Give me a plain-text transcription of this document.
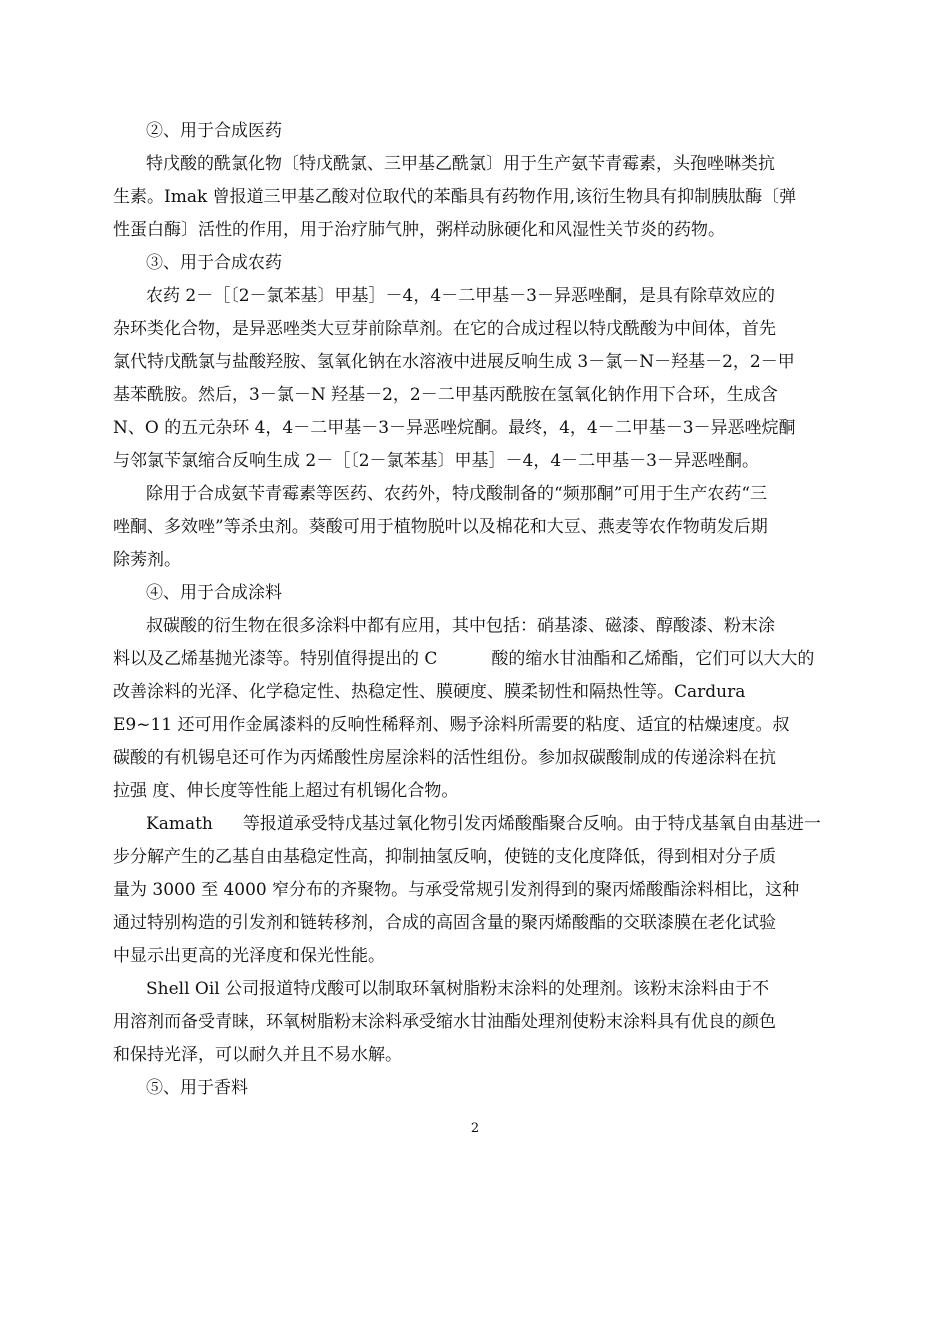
②、用于合成医药

特戊酸的酰氯化物〔特戊酰氯、三甲基乙酰氯〕用于生产氨苄青霉素，头孢唑啉类抗
生素。Imak 曾报道三甲基乙酸对位取代的苯酯具有药物作用,该衍生物具有抑制胰肽酶〔弹
性蛋白酶〕活性的作用，用于治疗肺气肿，粥样动脉硬化和风湿性关节炎的药物。

③、用于合成农药

农药 2－［〔2－氯苯基〕甲基］－4，4－二甲基－3－异恶唑酮，是具有除草效应的
杂环类化合物，是异恶唑类大豆芽前除草剂。在它的合成过程以特戊酰酸为中间体，首先
氯代特戊酰氯与盐酸羟胺、氢氧化钠在水溶液中进展反响生成 3－氯－N－羟基－2，2－甲
基苯酰胺。然后，3－氯－N 羟基－2，2－二甲基丙酰胺在氢氧化钠作用下合环，生成含
N、O 的五元杂环 4，4－二甲基－3－异恶唑烷酮。最终，4，4－二甲基－3－异恶唑烷酮
与邻氯苄氯缩合反响生成 2－［〔2－氯苯基〕甲基］－4，4－二甲基－3－异恶唑酮。

除用于合成氨苄青霉素等医药、农药外，特戊酸制备的“频那酮”可用于生产农药“三
唑酮、多效唑”等杀虫剂。葵酸可用于植物脱叶以及棉花和大豆、燕麦等农作物萌发后期
除莠剂。

④、用于合成涂料

叔碳酸的衍生物在很多涂料中都有应用，其中包括：硝基漆、磁漆、醇酸漆、粉末涂
料以及乙烯基抛光漆等。特别值得提出的 C	酸的缩水甘油酯和乙烯酯，它们可以大大的
改善涂料的光泽、化学稳定性、热稳定性、膜硬度、膜柔韧性和隔热性等。Cardura
E9~11 还可用作金属漆料的反响性稀释剂、赐予涂料所需要的粘度、适宜的枯燥速度。叔
碳酸的有机锡皂还可作为丙烯酸性房屋涂料的活性组份。参加叔碳酸制成的传递涂料在抗
拉强 度、伸长度等性能上超过有机锡化合物。

Kamath 等报道承受特戊基过氧化物引发丙烯酸酯聚合反响。由于特戊基氧自由基进一
步分解产生的乙基自由基稳定性高，抑制抽氢反响，使链的支化度降低，得到相对分子质
量为 3000 至 4000 窄分布的齐聚物。与承受常规引发剂得到的聚丙烯酸酯涂料相比，这种
通过特别构造的引发剂和链转移剂，合成的高固含量的聚丙烯酸酯的交联漆膜在老化试验
中显示出更高的光泽度和保光性能。

Shell Oil 公司报道特戊酸可以制取环氧树脂粉末涂料的处理剂。该粉末涂料由于不
用溶剂而备受青睐，环氧树脂粉末涂料承受缩水甘油酯处理剂使粉末涂料具有优良的颜色
和保持光泽，可以耐久并且不易水解。

⑤、用于香料

2
